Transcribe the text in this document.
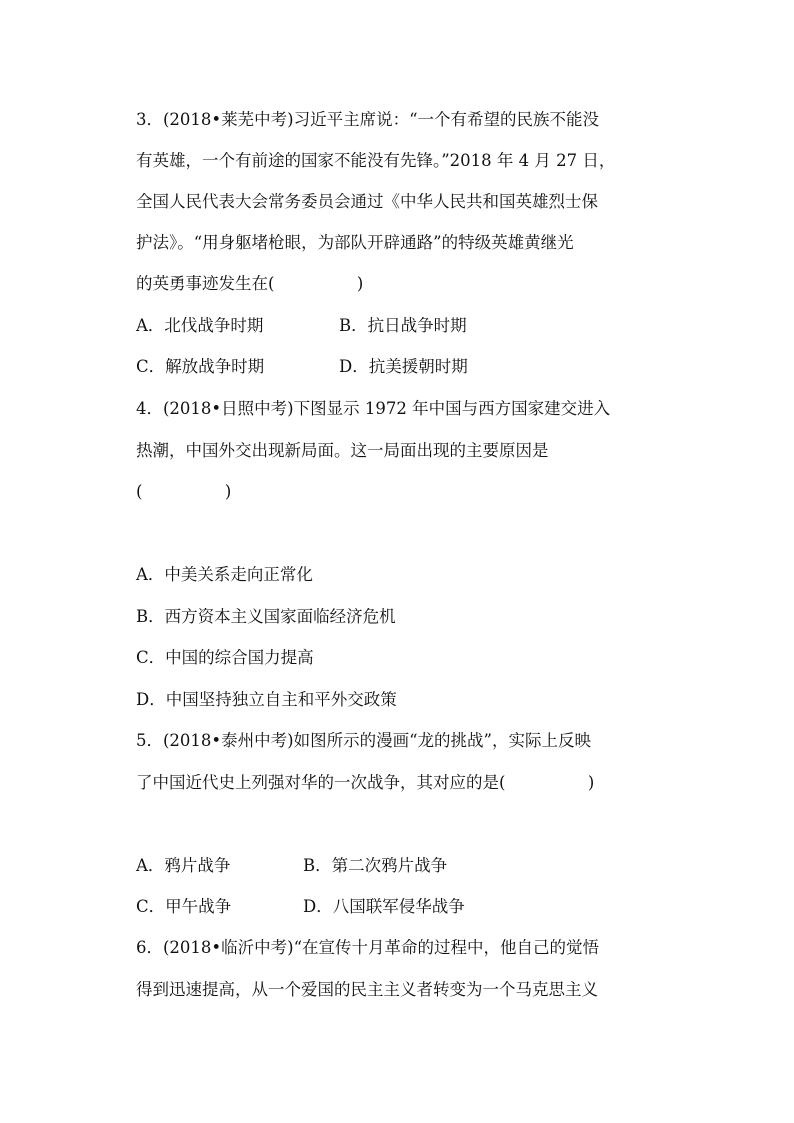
3．(2018•莱芜中考)习近平主席说：“一个有希望的民族不能没
有英雄，一个有前途的国家不能没有先锋。”2018 年 4 月 27 日，
全国人民代表大会常务委员会通过《中华人民共和国英雄烈士保
护法》。“用身躯堵枪眼，为部队开辟通路”的特级英雄黄继光
的英勇事迹发生在(　　　　　)
A．北伐战争时期	B．抗日战争时期
C．解放战争时期	D．抗美援朝时期
4．(2018•日照中考)下图显示 1972 年中国与西方国家建交进入
热潮，中国外交出现新局面。这一局面出现的主要原因是
(　　　　　)
A．中美关系走向正常化
B．西方资本主义国家面临经济危机
C．中国的综合国力提高
D．中国坚持独立自主和平外交政策
5．(2018•泰州中考)如图所示的漫画“龙的挑战”，实际上反映
了中国近代史上列强对华的一次战争，其对应的是(　　　　　)
A．鸦片战争	B．第二次鸦片战争
C．甲午战争	D．八国联军侵华战争
6．(2018•临沂中考)“在宣传十月革命的过程中，他自己的觉悟
得到迅速提高，从一个爱国的民主主义者转变为一个马克思主义
